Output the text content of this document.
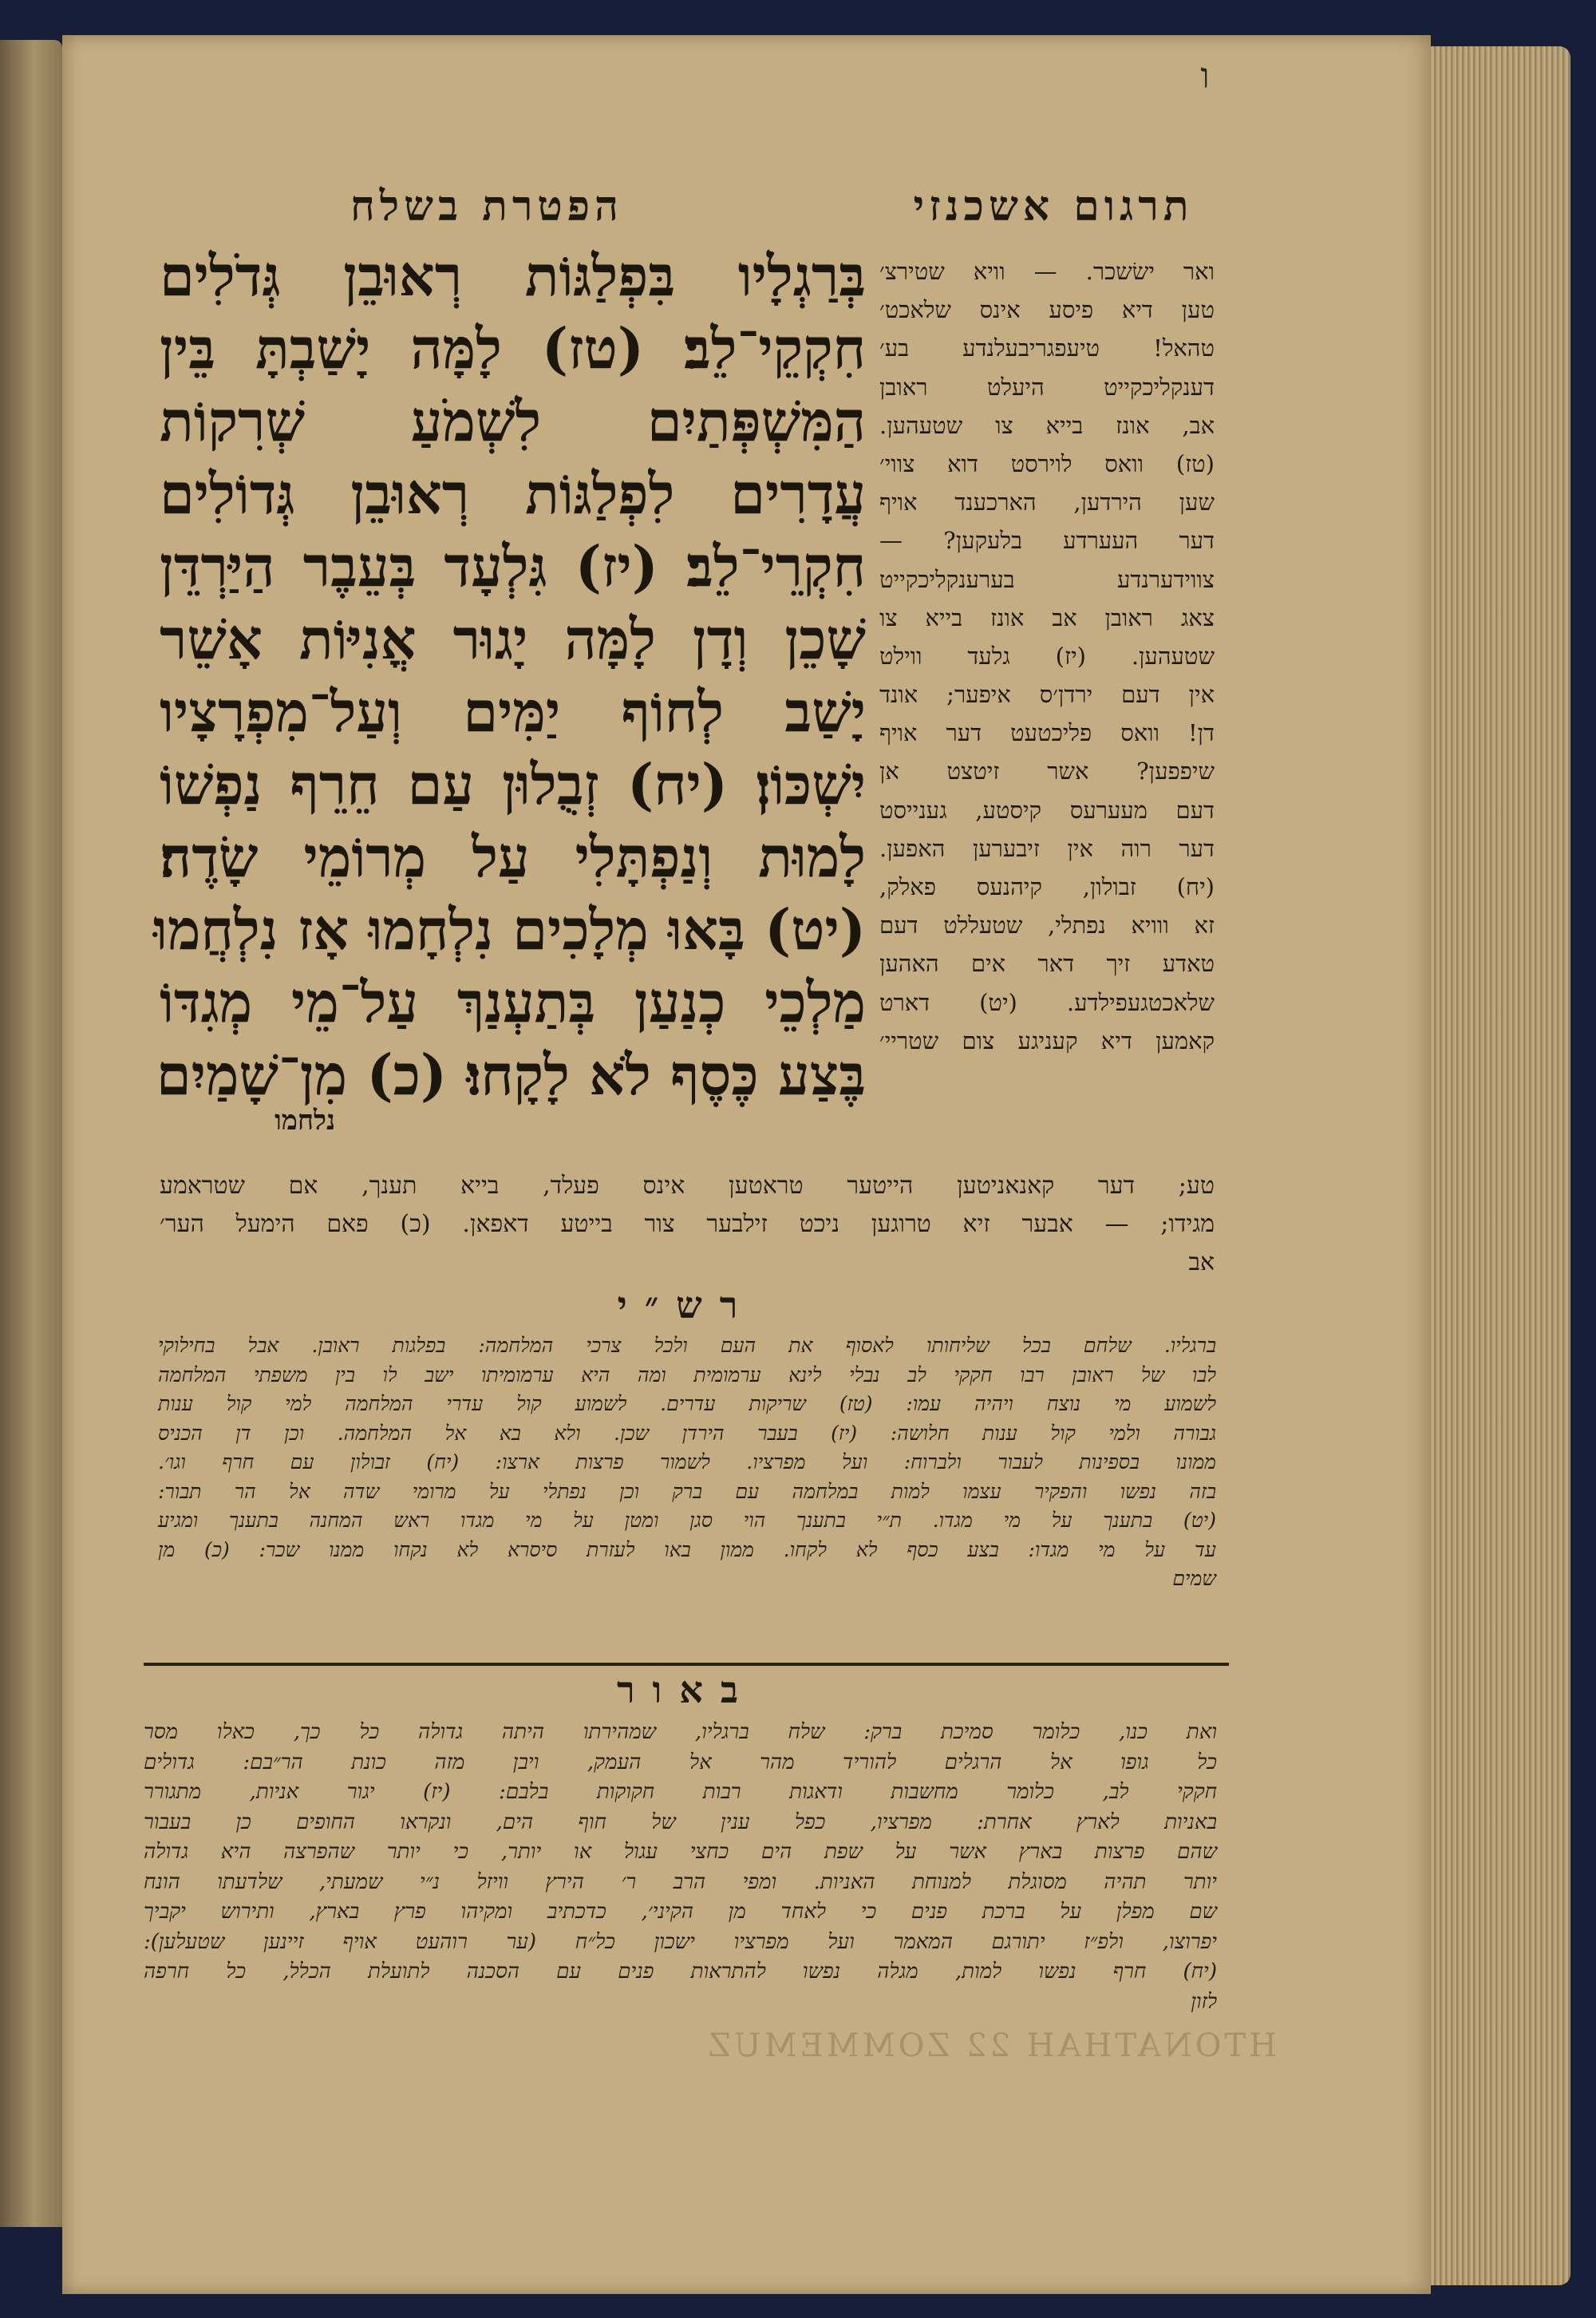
ו
הפטרת בשלח	תרגום אשכנזי
בְּרַגְלָיו בִּפְלַגּוֹת רְאוּבֵן גְּדֹלִים
חִקְקֵי־לֵב׃ (טז) לָמָּה יָשַׁבְתָּ בֵּין
הַמִּשְׁפְּתַיִם לִשְׁמֹעַ שְׁרִקוֹת
עֲדָרִים לִפְלַגּוֹת רְאוּבֵן גְּדוֹלִים
חִקְרֵי־לֵב׃ (יז) גִּלְעָד בְּעֵבֶר הַיַּרְדֵּן
שָׁכֵן וְדָן לָמָּה יָגוּר אֳנִיּוֹת אָשֵׁר
יָשַׁב לְחוֹף יַמִּים וְעַל־מִפְרָצָיו
יִשְׁכּוֹן׃ (יח) זְבֻלוּן עַם חֵרֵף נַפְשׁוֹ
לָמוּת וְנַפְתָּלִי עַל מְרוֹמֵי שָׂדֶה׃
(יט) בָּאוּ מְלָכִים נִלְחָמוּ אָז נִלְחֲמוּ
מַלְכֵי כְנַעַן בְּתַעְנַךְ עַל־מֵי מְגִדּוֹ
בֶּצַע כֶּסֶף לֹא לָקָחוּ׃ (כ) מִן־שָׁמַיִם
נלחמו
ואר ישׂשכר. — וויא שטירצ׳
טען דיא פיסע אינס שלאכט׳
טהאל! טיעפגריבעלנדע בע׳
דענקליכקייט היעלט ראובן
אב, אונז בייא צו שטעהען.
(טז) וואס לוירסט דוא צווי׳
שען הירדען, הארכענד אויף
דער העערדע בלעקען? —
צווידערנדע בערענקליכקייט
צאג ראובן אב אונז בייא צו
שטעהען. (יז) גלעד ווילט
אין דעם ירדן׳ס איפער; אונד
דן! וואס פליכטעט דער אויף
שיפפען? אשר זיטצט אן
דעם מעערעס קיסטע, גענייסט
דער רוה אין זיבערען האפען.
(יח) זבולון, קיהנעס פאלק,
זא ווויא נפתלי, שטעללט דעם
טאדע זיך דאר אים האהען
שלאכטגעפילדע. (יט) דארט
קאמען דיא קעניגע צום שטריי׳
טע; דער קאנאניטען הייטער טראטען אינס פעלד, בייא תענך, אם שטראמע
מגידו; — אבער זיא טרוגען ניכט זילבער צור בייטע דאפאן. (כ) פאם הימעל הער׳
אב
רש״י
ברגליו. שלחם בכל שליחותו לאסוף את העם ולכל צרכי המלחמה: בפלגות ראובן. אבל בחילוקי
לבו של ראובן רבו חקקי לב נבלי לינא ערמומית ומה היא ערמומיתו ישב לו בין משפתי המלחמה
לשמוע מי נוצח ויהיה עמו: (טז) שריקות עדרים. לשמוע קול עדרי המלחמה למי קול ענות
גבורה ולמי קול ענות חלושה: (יז) בעבר הירדן שכן. ולא בא אל המלחמה. וכן דן הכניס
ממונו בספינות לעבור ולברוח: ועל מפרציו. לשמור פרצות ארצו: (יח) זבולון עם חרף וגו׳.
בזה נפשו והפקיר עצמו למות במלחמה עם ברק וכן נפתלי על מרומי שדה אל הר תבור:
(יט) בתענך על מי מגדו. ת״י בתענך הוי סגן ומטן על מי מגדו ראש המחנה בתענך ומגיע
עד על מי מגדו: בצע כסף לא לקחו. ממון באו לעזרת סיסרא לא נקחו ממנו שכר: (כ) מן
שמים
באור
ואת כנו, כלומר סמיכת ברק: שלח ברגליו, שמהירתו היתה גדולה כל כך, כאלו מסר
כל גופו אל הרגלים להוריד מהר אל העמק, ויבן מזה כונת הר״בם: גדולים
חקקי לב, כלומר מחשבות ודאגות רבות חקוקות בלבם: (יז) יגור אניות, מתגורר
באניות לארץ אחרת: מפרציו, כפל ענין של חוף הים, ונקראו החופים כן בעבור
שהם פרצות בארץ אשר על שפת הים כחצי עגול או יותר, כי יותר שהפרצה היא גדולה
יותר תהיה מסוגלת למנוחת האניות. ומפי הרב ר׳ הירץ וויזל נ״י שמעתי, שלדעתו הונח
שם מפלן על ברכת פנים כי לאחד מן הקיני׳, כדכתיב ומקיהו פרץ בארץ, ותירוש יקביך
יפרוצו, ולפ״ז יתורגם המאמר ועל מפרציו ישכון כל״ח (ער רוהעט אויף זיינען שטעלען):
(יח) חרף נפשו למות, מגלה נפשו להתראות פנים עם הסכנה לתועלת הכלל, כל חרפה
לזון
HTONATHAH 22 ZOMMEMUZ
